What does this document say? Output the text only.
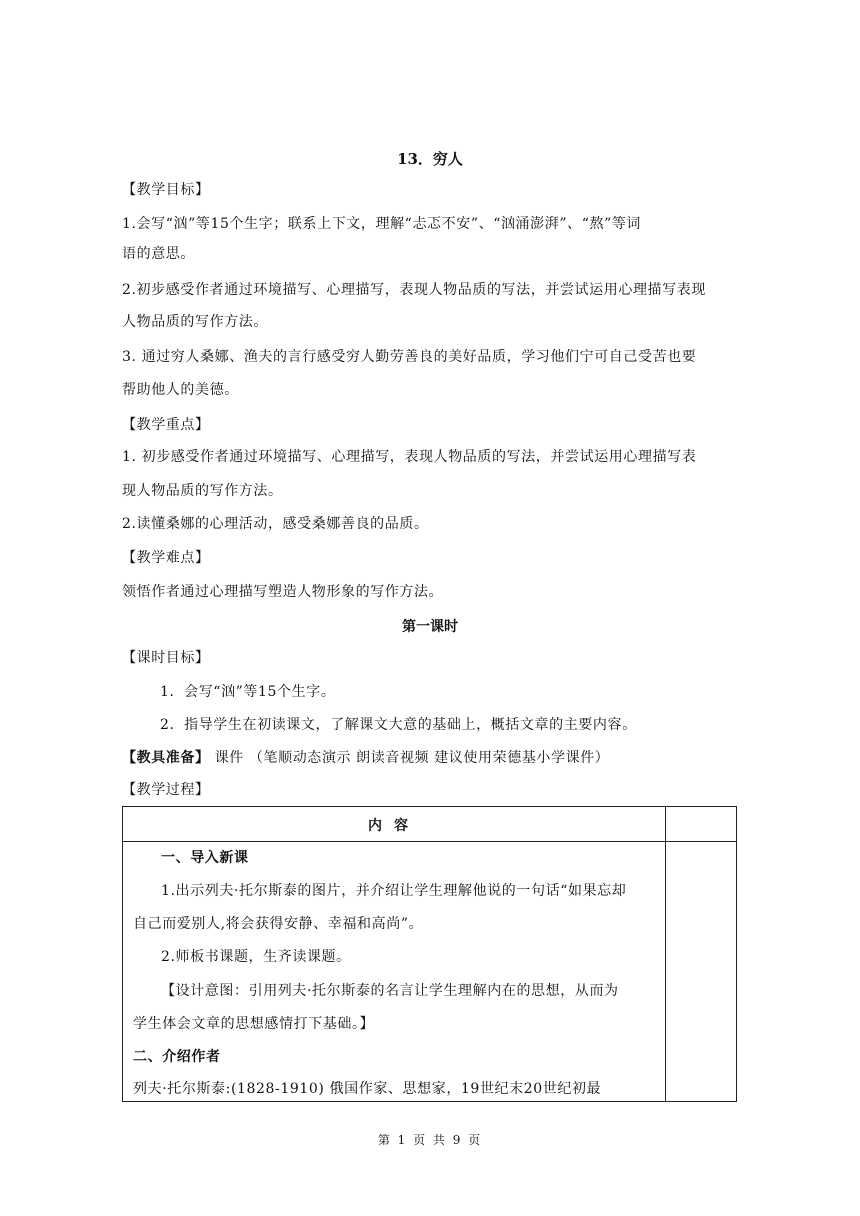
13．穷人
【教学目标】
1.会写“汹”等15个生字；联系上下文，理解“忐忑不安”、“汹涌澎湃”、“熬”等词
语的意思。
2.初步感受作者通过环境描写、心理描写，表现人物品质的写法，并尝试运用心理描写表现
人物品质的写作方法。
3. 通过穷人桑娜、渔夫的言行感受穷人勤劳善良的美好品质，学习他们宁可自己受苦也要
帮助他人的美德。
【教学重点】
1. 初步感受作者通过环境描写、心理描写，表现人物品质的写法，并尝试运用心理描写表
现人物品质的写作方法。
2.读懂桑娜的心理活动，感受桑娜善良的品质。
【教学难点】
领悟作者通过心理描写塑造人物形象的写作方法。
第一课时
【课时目标】
1．会写“汹”等15个生字。
2．指导学生在初读课文，了解课文大意的基础上，概括文章的主要内容。
【教具准备】 课件 （笔顺动态演示 朗读音视频 建议使用荣德基小学课件）
【教学过程】
内容
一、导入新课
1.出示列夫·托尔斯泰的图片，并介绍让学生理解他说的一句话“如果忘却
自己而爱别人,将会获得安静、幸福和高尚”。
2.师板书课题，生齐读课题。
【设计意图：引用列夫·托尔斯泰的名言让学生理解内在的思想，从而为
学生体会文章的思想感情打下基础。】
二、介绍作者
列夫·托尔斯泰:(1828-1910) 俄国作家、思想家，19世纪末20世纪初最
第 1 页 共 9 页
